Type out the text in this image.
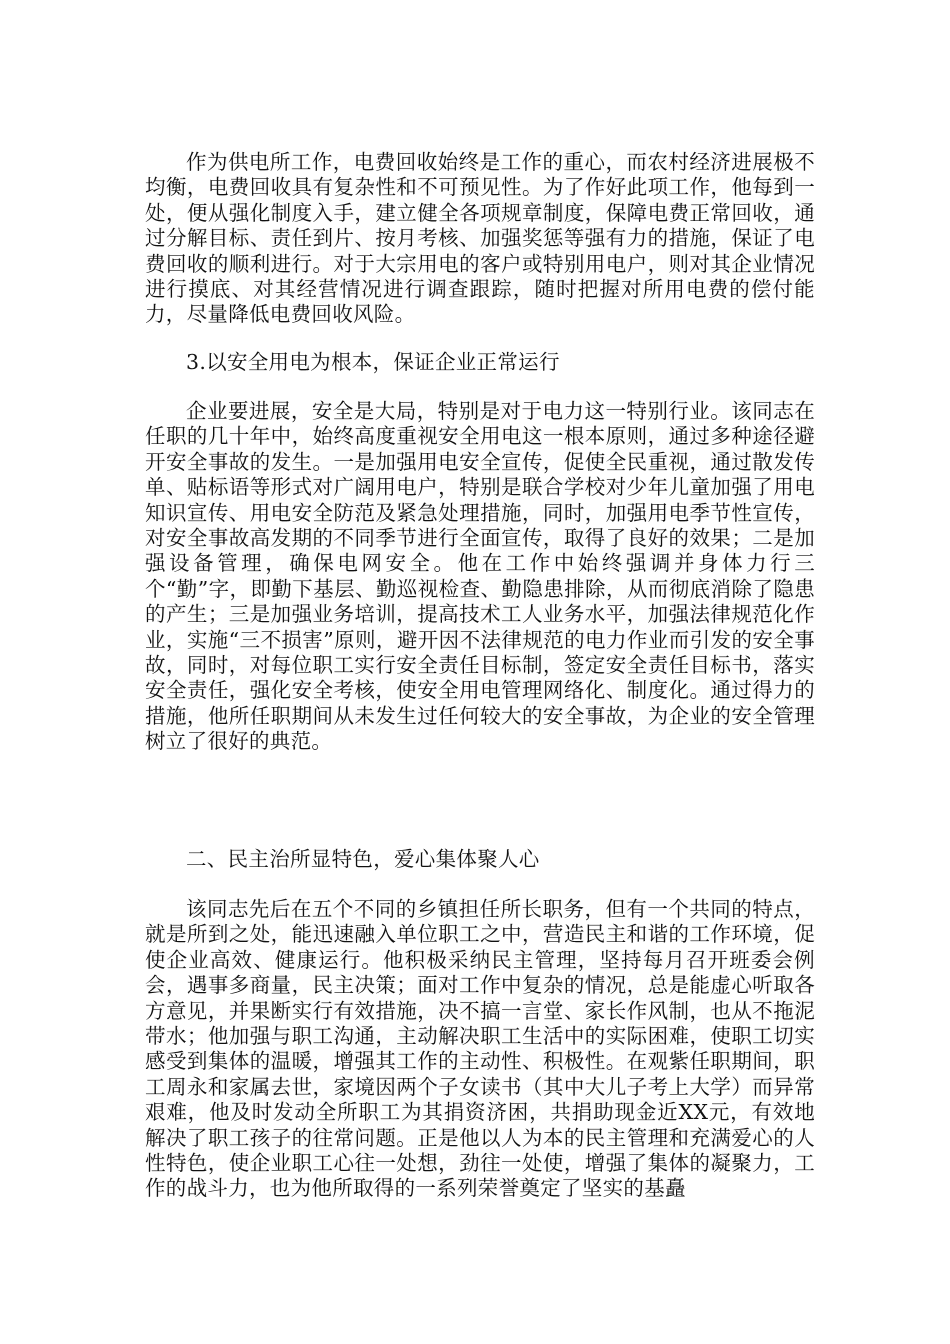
作为供电所工作，电费回收始终是工作的重心，而农村经济进展极不均衡，电费回收具有复杂性和不可预见性。为了作好此项工作，他每到一处，便从强化制度入手，建立健全各项规章制度，保障电费正常回收，通过分解目标、责任到片、按月考核、加强奖惩等强有力的措施，保证了电费回收的顺利进行。对于大宗用电的客户或特别用电户，则对其企业情况进行摸底、对其经营情况进行调查跟踪，随时把握对所用电费的偿付能力，尽量降低电费回收风险。

3.以安全用电为根本，保证企业正常运行

企业要进展，安全是大局，特别是对于电力这一特别行业。该同志在任职的几十年中，始终高度重视安全用电这一根本原则，通过多种途径避开安全事故的发生。一是加强用电安全宣传，促使全民重视，通过散发传单、贴标语等形式对广阔用电户，特别是联合学校对少年儿童加强了用电知识宣传、用电安全防范及紧急处理措施，同时，加强用电季节性宣传，对安全事故高发期的不同季节进行全面宣传，取得了良好的效果；二是加强设备管理，确保电网安全。他在工作中始终强调并身体力行三个“勤”字，即勤下基层、勤巡视检查、勤隐患排除，从而彻底消除了隐患的产生；三是加强业务培训，提高技术工人业务水平，加强法律规范化作业，实施“三不损害”原则，避开因不法律规范的电力作业而引发的安全事故，同时，对每位职工实行安全责任目标制，签定安全责任目标书，落实安全责任，强化安全考核，使安全用电管理网络化、制度化。通过得力的措施，他所任职期间从未发生过任何较大的安全事故，为企业的安全管理树立了很好的典范。

二、民主治所显特色，爱心集体聚人心

该同志先后在五个不同的乡镇担任所长职务，但有一个共同的特点，就是所到之处，能迅速融入单位职工之中，营造民主和谐的工作环境，促使企业高效、健康运行。他积极采纳民主管理，坚持每月召开班委会例会，遇事多商量，民主决策；面对工作中复杂的情况，总是能虚心听取各方意见，并果断实行有效措施，决不搞一言堂、家长作风制，也从不拖泥带水；他加强与职工沟通，主动解决职工生活中的实际困难，使职工切实感受到集体的温暖，增强其工作的主动性、积极性。在观紫任职期间，职工周永和家属去世，家境因两个子女读书（其中大儿子考上大学）而异常艰难，他及时发动全所职工为其捐资济困，共捐助现金近XX元，有效地解决了职工孩子的往常问题。正是他以人为本的民主管理和充满爱心的人性特色，使企业职工心往一处想，劲往一处使，增强了集体的凝聚力，工作的战斗力，也为他所取得的一系列荣誉奠定了坚实的基矗
